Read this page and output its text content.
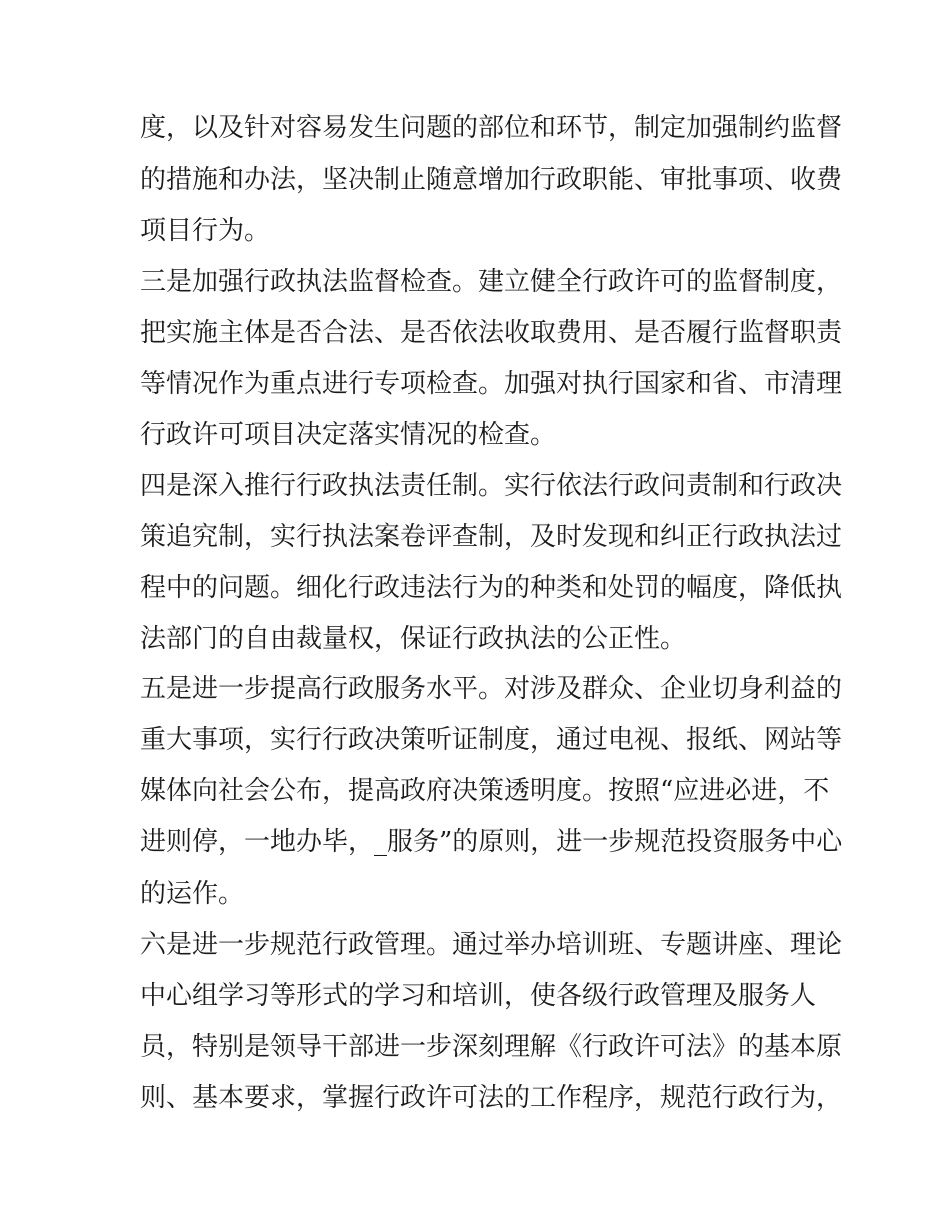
度，以及针对容易发生问题的部位和环节，制定加强制约监督
的措施和办法，坚决制止随意增加行政职能、审批事项、收费
项目行为。
三是加强行政执法监督检查。建立健全行政许可的监督制度，
把实施主体是否合法、是否依法收取费用、是否履行监督职责
等情况作为重点进行专项检查。加强对执行国家和省、市清理
行政许可项目决定落实情况的检查。
四是深入推行行政执法责任制。实行依法行政问责制和行政决
策追究制，实行执法案卷评查制，及时发现和纠正行政执法过
程中的问题。细化行政违法行为的种类和处罚的幅度，降低执
法部门的自由裁量权，保证行政执法的公正性。
五是进一步提高行政服务水平。对涉及群众、企业切身利益的
重大事项，实行行政决策听证制度，通过电视、报纸、网站等
媒体向社会公布，提高政府决策透明度。按照“应进必进，不
进则停，一地办毕，_服务”的原则，进一步规范投资服务中心
的运作。
六是进一步规范行政管理。通过举办培训班、专题讲座、理论
中心组学习等形式的学习和培训，使各级行政管理及服务人
员，特别是领导干部进一步深刻理解《行政许可法》的基本原
则、基本要求，掌握行政许可法的工作程序，规范行政行为，
